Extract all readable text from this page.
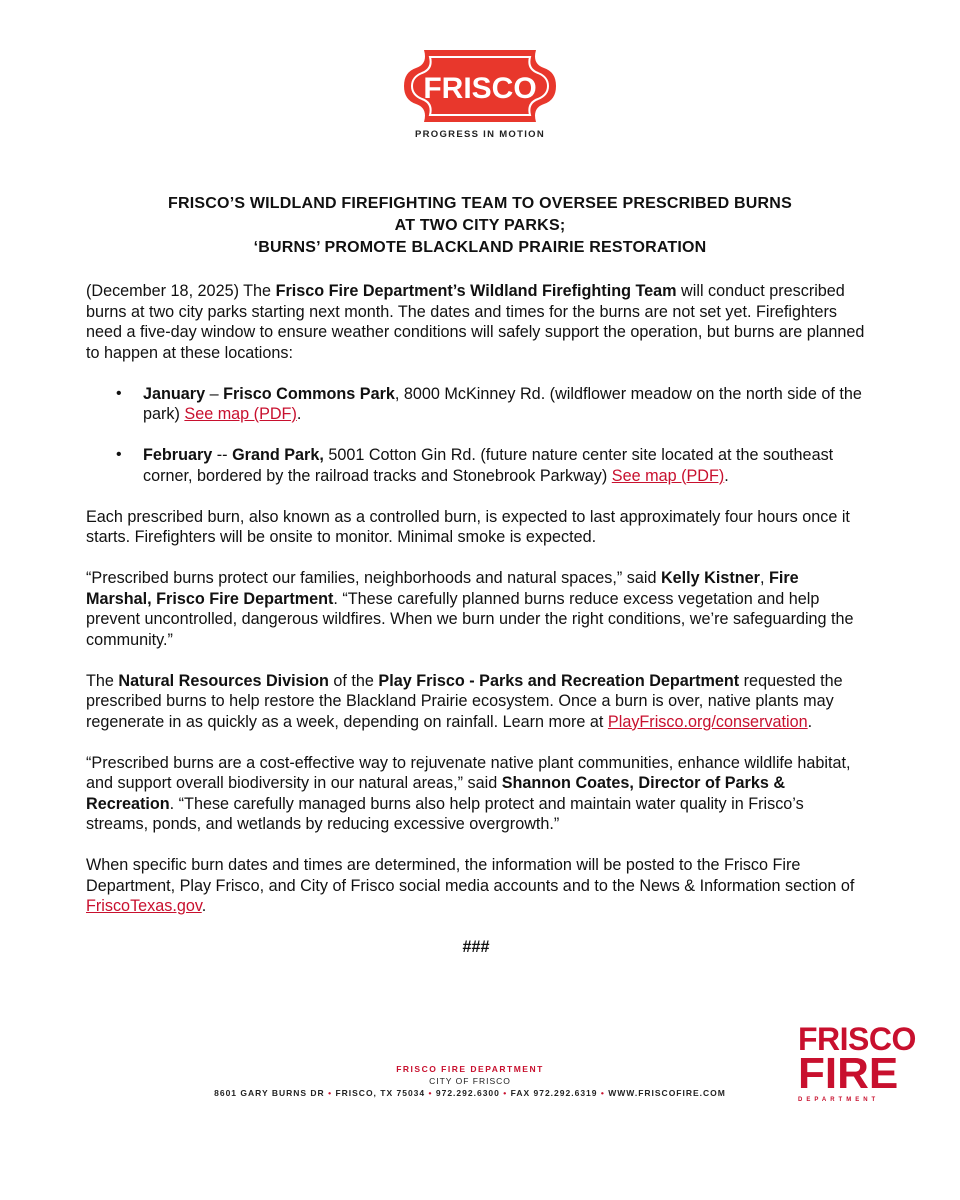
FRISCO
PROGRESS IN MOTION
FRISCO’S WILDLAND FIREFIGHTING TEAM TO OVERSEE PRESCRIBED BURNS
AT TWO CITY PARKS;
‘BURNS’ PROMOTE BLACKLAND PRAIRIE RESTORATION

(December 18, 2025) The Frisco Fire Department’s Wildland Firefighting Team will conduct prescribed burns at two city parks starting next month. The dates and times for the burns are not set yet. Firefighters need a five-day window to ensure weather conditions will safely support the operation, but burns are planned to happen at these locations:

• January – Frisco Commons Park, 8000 McKinney Rd. (wildflower meadow on the north side of the park) See map (PDF).
• February -- Grand Park, 5001 Cotton Gin Rd. (future nature center site located at the southeast corner, bordered by the railroad tracks and Stonebrook Parkway) See map (PDF).

Each prescribed burn, also known as a controlled burn, is expected to last approximately four hours once it starts. Firefighters will be onsite to monitor. Minimal smoke is expected.

“Prescribed burns protect our families, neighborhoods and natural spaces,” said Kelly Kistner, Fire Marshal, Frisco Fire Department. “These carefully planned burns reduce excess vegetation and help prevent uncontrolled, dangerous wildfires. When we burn under the right conditions, we’re safeguarding the community.”

The Natural Resources Division of the Play Frisco - Parks and Recreation Department requested the prescribed burns to help restore the Blackland Prairie ecosystem. Once a burn is over, native plants may regenerate in as quickly as a week, depending on rainfall. Learn more at PlayFrisco.org/conservation.

“Prescribed burns are a cost-effective way to rejuvenate native plant communities, enhance wildlife habitat, and support overall biodiversity in our natural areas,” said Shannon Coates, Director of Parks & Recreation. “These carefully managed burns also help protect and maintain water quality in Frisco’s streams, ponds, and wetlands by reducing excessive overgrowth.”

When specific burn dates and times are determined, the information will be posted to the Frisco Fire Department, Play Frisco, and City of Frisco social media accounts and to the News & Information section of FriscoTexas.gov.

###
FRISCO FIRE DEPARTMENT
CITY OF FRISCO
8601 GARY BURNS DR • FRISCO, TX 75034 • 972.292.6300 • FAX 972.292.6319 • WWW.FRISCOFIRE.COM
FRISCO
FIRE
DEPARTMENT
